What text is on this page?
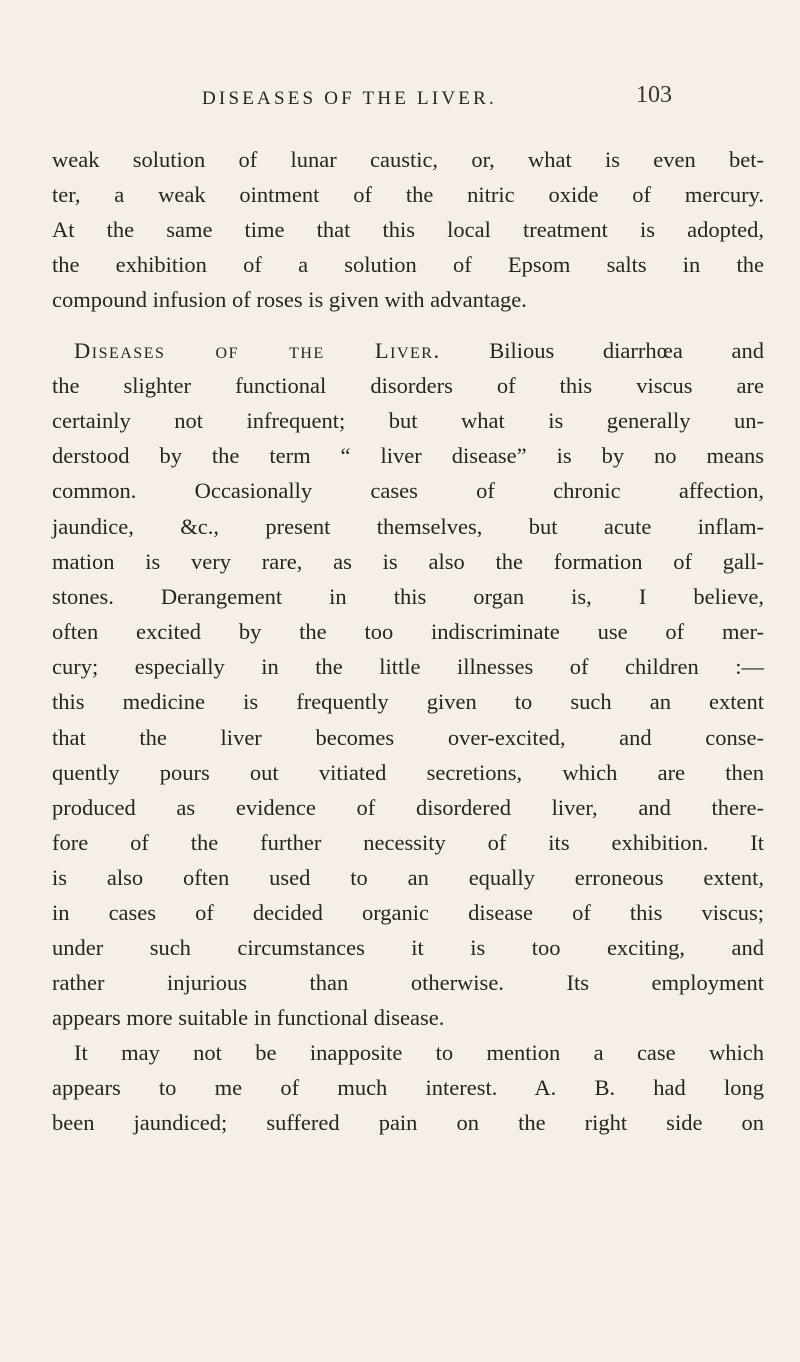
DISEASES OF THE LIVER.	103
weak solution of lunar caustic, or, what is even bet-
ter, a weak ointment of the nitric oxide of mercury.
At the same time that this local treatment is adopted,
the exhibition of a solution of Epsom salts in the
compound infusion of roses is given with advantage.
Diseases of the Liver. Bilious diarrhœa and
the slighter functional disorders of this viscus are
certainly not infrequent; but what is generally un-
derstood by the term “ liver disease” is by no means
common. Occasionally cases of chronic affection,
jaundice, &c., present themselves, but acute inflam-
mation is very rare, as is also the formation of gall-
stones. Derangement in this organ is, I believe,
often excited by the too indiscriminate use of mer-
cury; especially in the little illnesses of children :—
this medicine is frequently given to such an extent
that the liver becomes over-excited, and conse-
quently pours out vitiated secretions, which are then
produced as evidence of disordered liver, and there-
fore of the further necessity of its exhibition. It
is also often used to an equally erroneous extent,
in cases of decided organic disease of this viscus;
under such circumstances it is too exciting, and
rather injurious than otherwise. Its employment
appears more suitable in functional disease.
It may not be inapposite to mention a case which
appears to me of much interest. A. B. had long
been jaundiced; suffered pain on the right side on
